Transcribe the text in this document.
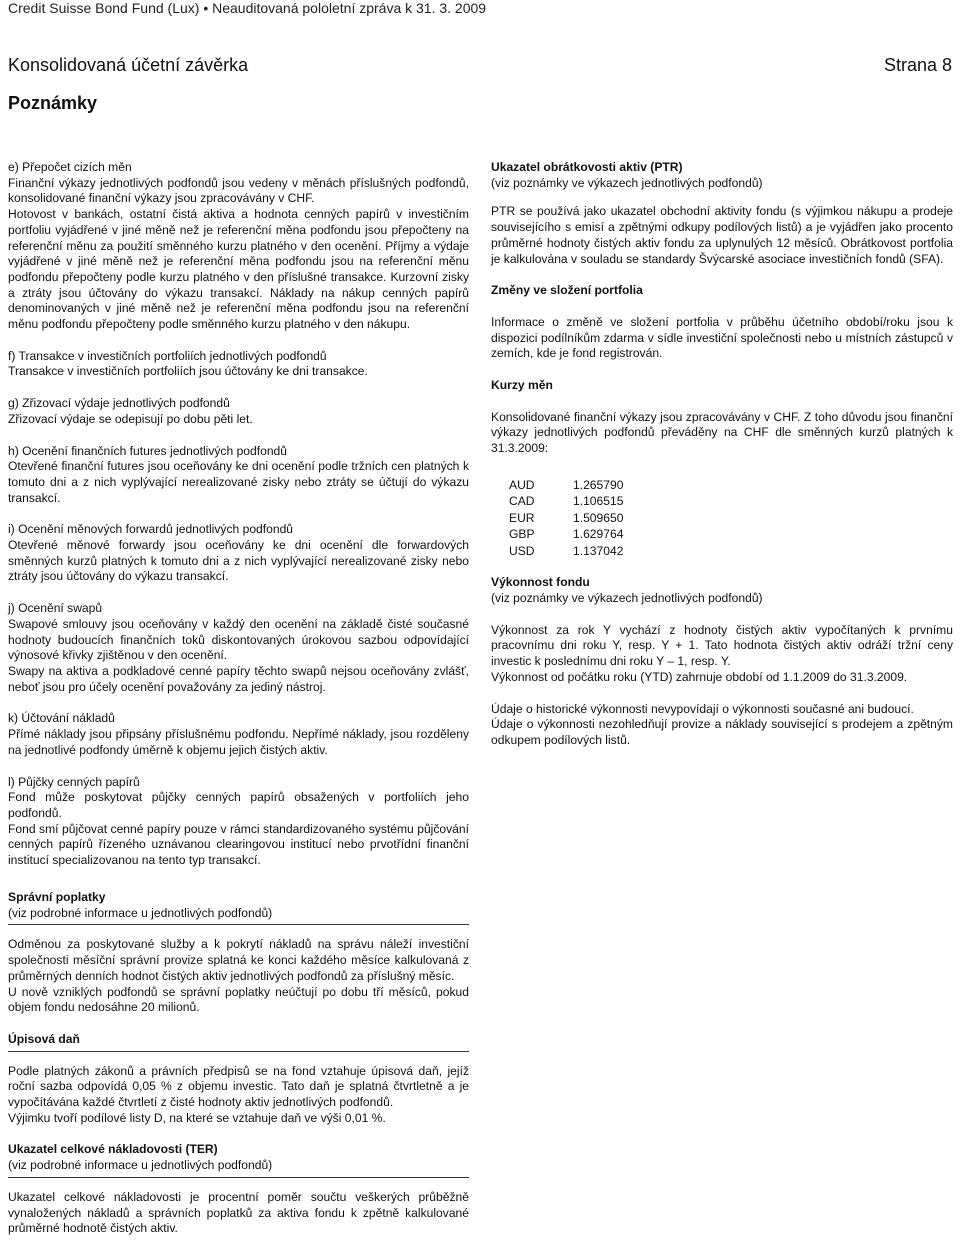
Credit Suisse Bond Fund (Lux) • Neauditovaná pololetní zpráva k 31. 3. 2009
Konsolidovaná účetní závěrka	Strana 8
Poznámky
e) Přepočet cizích měn

Finanční výkazy jednotlivých podfondů jsou vedeny v měnách příslušných podfondů, konsolidované finanční výkazy jsou zpracovávány v CHF.

Hotovost v bankách, ostatní čistá aktiva a hodnota cenných papírů v investičním portfoliu vyjádřené v jiné měně než je referenční měna podfondu jsou přepočteny na referenční měnu za použití směnného kurzu platného v den ocenění. Příjmy a výdaje vyjádřené v jiné měně než je referenční měna podfondu jsou na referenční měnu podfondu přepočteny podle kurzu platného v den příslušné transakce. Kurzovní zisky a ztráty jsou účtovány do výkazu transakcí. Náklady na nákup cenných papírů denominovaných v jiné měně než je referenční měna podfondu jsou na referenční měnu podfondu přepočteny podle směnného kurzu platného v den nákupu.

f) Transakce v investičních portfoliích jednotlivých podfondů

Transakce v investičních portfoliích jsou účtovány ke dni transakce.

g) Zřizovací výdaje jednotlivých podfondů

Zřizovací výdaje se odepisují po dobu pěti let.

h) Ocenění finančních futures jednotlivých podfondů

Otevřené finanční futures jsou oceňovány ke dni ocenění podle tržních cen platných k tomuto dni a z nich vyplývající nerealizované zisky nebo ztráty se účtují do výkazu transakcí.

i) Ocenění měnových forwardů jednotlivých podfondů

Otevřené měnové forwardy jsou oceňovány ke dni ocenění dle forwardových směnných kurzů platných k tomuto dni a z nich vyplývající nerealizované zisky nebo ztráty jsou účtovány do výkazu transakcí.

j) Ocenění swapů

Swapové smlouvy jsou oceňovány v každý den ocenění na základě čisté současné hodnoty budoucích finančních toků diskontovaných úrokovou sazbou odpovídající výnosové křivky zjištěnou v den ocenění.

Swapy na aktiva a podkladové cenné papíry těchto swapů nejsou oceňovány zvlášť, neboť jsou pro účely ocenění považovány za jediný nástroj.

k) Účtování nákladů

Přímé náklady jsou připsány příslušnému podfondu. Nepřímé náklady, jsou rozděleny na jednotlivé podfondy úměrně k objemu jejich čistých aktiv.

l) Půjčky cenných papírů

Fond může poskytovat půjčky cenných papírů obsažených v portfoliích jeho podfondů.

Fond smí půjčovat cenné papíry pouze v rámci standardizovaného systému půjčování cenných papírů řízeného uznávanou clearingovou institucí nebo prvotřídní finanční institucí specializovanou na tento typ transakcí.

Ukazatel obrátkovosti aktiv (PTR)
(viz poznámky ve výkazech jednotlivých podfondů)

PTR se používá jako ukazatel obchodní aktivity fondu (s výjimkou nákupu a prodeje souvisejícího s emisí a zpětnými odkupy podílových listů) a je vyjádřen jako procento průměrné hodnoty čistých aktiv fondu za uplynulých 12 měsíců. Obrátkovost portfolia je kalkulována v souladu se standardy Švýcarské asociace investičních fondů (SFA).

Změny ve složení portfolia

Informace o změně ve složení portfolia v průběhu účetního období/roku jsou k dispozici podílníkům zdarma v sídle investiční společnosti nebo u místních zástupců v zemích, kde je fond registrován.

Kurzy měn

Konsolidované finanční výkazy jsou zpracovávány v CHF. Z toho důvodu jsou finanční výkazy jednotlivých podfondů převáděny na CHF dle směnných kurzů platných k 31.3.2009:

AUD	1.265790
CAD	1.106515
EUR	1.509650
GBP	1.629764
USD	1.137042
Výkonnost fondu
(viz poznámky ve výkazech jednotlivých podfondů)

Výkonnost za rok Y vychází z hodnoty čistých aktiv vypočítaných k prvnímu pracovnímu dni roku Y, resp. Y + 1. Tato hodnota čistých aktiv odráží tržní ceny investic k poslednímu dni roku Y – 1, resp. Y.

Výkonnost od počátku roku (YTD) zahrnuje období od 1.1.2009 do 31.3.2009.

Údaje o historické výkonnosti nevypovídají o výkonnosti současné ani budoucí.

Údaje o výkonnosti nezohledňují provize a náklady související s prodejem a zpětným odkupem podílových listů.

Správní poplatky
(viz podrobné informace u jednotlivých podfondů)

Odměnou za poskytované služby a k pokrytí nákladů na správu náleží investiční společnosti měsíční správní provize splatná ke konci každého měsíce kalkulovaná z průměrných denních hodnot čistých aktiv jednotlivých podfondů za příslušný měsíc.

U nově vzniklých podfondů se správní poplatky neúčtují po dobu tří měsíců, pokud objem fondu nedosáhne 20 milionů.

Úpisová daň

Podle platných zákonů a právních předpisů se na fond vztahuje úpisová daň, jejíž roční sazba odpovídá 0,05 % z objemu investic. Tato daň je splatná čtvrtletně a je vypočítávána každé čtvrtletí z čisté hodnoty aktiv jednotlivých podfondů.

Výjimku tvoří podílové listy D, na které se vztahuje daň ve výši 0,01 %.

Ukazatel celkové nákladovosti (TER)
(viz podrobné informace u jednotlivých podfondů)

Ukazatel celkové nákladovosti je procentní poměr součtu veškerých průběžně vynaložených nákladů a správních poplatků za aktiva fondu k zpětně kalkulované průměrné hodnotě čistých aktiv.
